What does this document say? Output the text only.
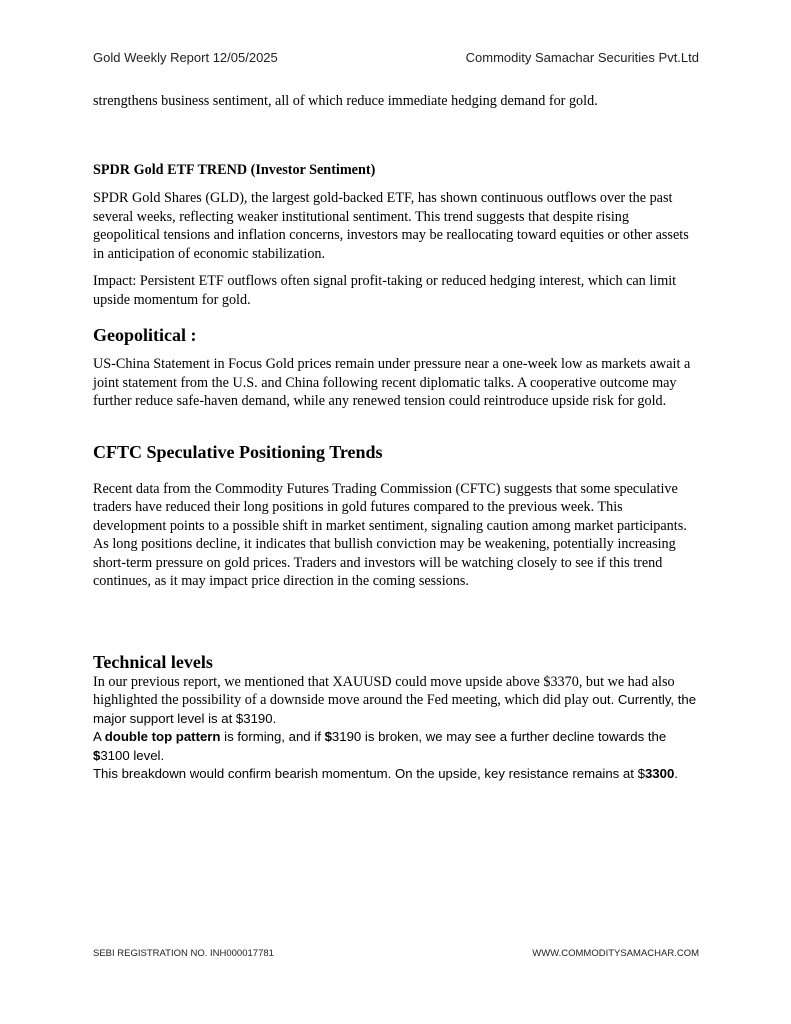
Gold Weekly Report 12/05/2025	Commodity Samachar Securities Pvt.Ltd

strengthens business sentiment, all of which reduce immediate hedging demand for gold.

SPDR Gold ETF TREND (Investor Sentiment)

SPDR Gold Shares (GLD), the largest gold-backed ETF, has shown continuous outflows over the past several weeks, reflecting weaker institutional sentiment. This trend suggests that despite rising geopolitical tensions and inflation concerns, investors may be reallocating toward equities or other assets in anticipation of economic stabilization.

Impact: Persistent ETF outflows often signal profit-taking or reduced hedging interest, which can limit upside momentum for gold.

Geopolitical :

US-China Statement in Focus Gold prices remain under pressure near a one-week low as markets await a joint statement from the U.S. and China following recent diplomatic talks. A cooperative outcome may further reduce safe-haven demand, while any renewed tension could reintroduce upside risk for gold.

CFTC Speculative Positioning Trends

Recent data from the Commodity Futures Trading Commission (CFTC) suggests that some speculative traders have reduced their long positions in gold futures compared to the previous week. This development points to a possible shift in market sentiment, signaling caution among market participants. As long positions decline, it indicates that bullish conviction may be weakening, potentially increasing short-term pressure on gold prices. Traders and investors will be watching closely to see if this trend continues, as it may impact price direction in the coming sessions.

Technical levels

In our previous report, we mentioned that XAUUSD could move upside above $3370, but we had also highlighted the possibility of a downside move around the Fed meeting, which did play out. Currently, the major support level is at $3190.

A double top pattern is forming, and if $3190 is broken, we may see a further decline towards the $3100 level.

This breakdown would confirm bearish momentum. On the upside, key resistance remains at $3300.

SEBI REGISTRATION NO. INH000017781	WWW.COMMODITYSAMACHAR.COM
